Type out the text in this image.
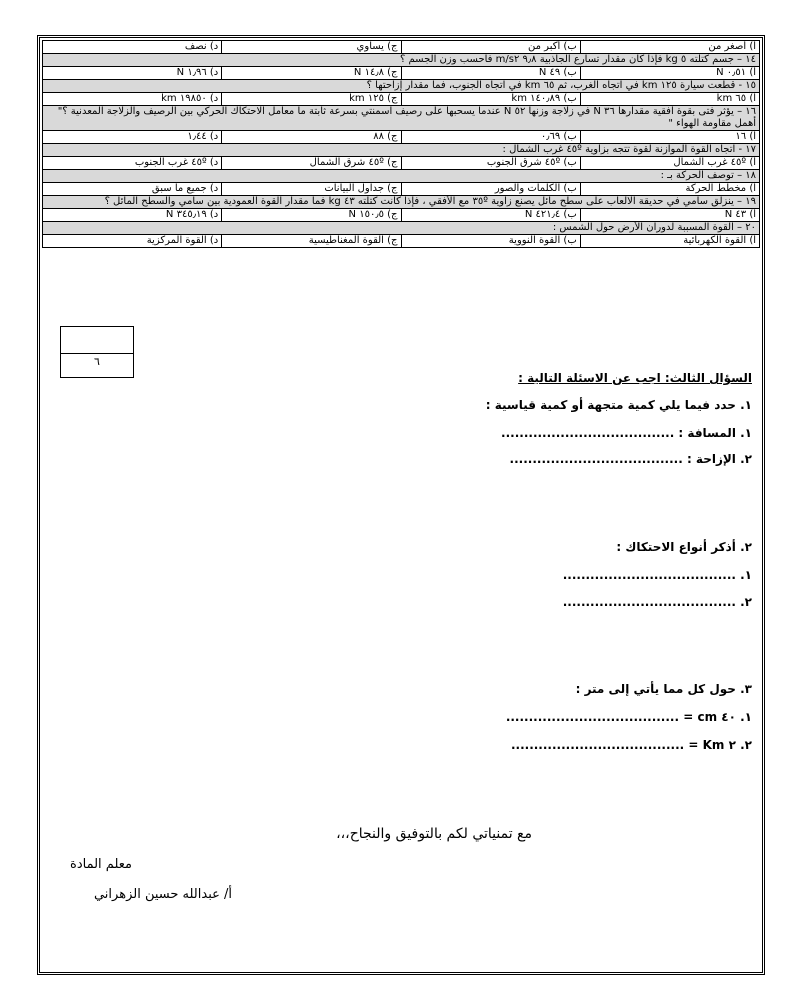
أ) أصغر من	ب) أكبر من	ج) يساوي	د) نصف
١٤ – جسم كتلته ٥ kg فإذا كان مقدار تسارع الجاذبية ٩٫٨ m/s٢ فاحسب وزن الجسم ؟			
أ) ٠٫٥١ N	ب) ٤٩ N	ج) ١٤٫٨ N	د) ١٫٩٦ N
١٥ - قطعت سيارة ١٢٥ km في اتجاه الغرب، ثم ٦٥ km في اتجاه الجنوب، فما مقدار إزاحتها ؟			
أ) ٦٥ km	ب) ١٤٠٫٨٩ km	ج) ١٢٥ km	د) ١٩٨٥٠ km
١٦ – يؤثر فتى بقوة افقية مقدارها ٣٦ N في زلاجة وزنها ٥٢ N عندما يسحبها على رصيف اسمنتي بسرعة ثابتة ما معامل الاحتكاك الحركي بين الرصيف والزلاجة المعدنية ؟" أهمل مقاومة الهواء "			
أ) ١٦	ب) ٠٫٦٩	ج) ٨٨	د) ١٫٤٤
١٧ - اتجاه القوة الموازنة لقوة تتجه بزاوية ٤٥º غرب الشمال :			
أ) ٤٥º غرب الشمال	ب) ٤٥º شرق الجنوب	ج) ٤٥º شرق الشمال	د) ٤٥º غرب الجنوب
١٨ – توصف الحركة بـ :			
أ) مخطط الحركة	ب) الكلمات والصور	ج) جداول البيانات	د) جميع ما سبق
١٩ – ينزلق سامي في حديقة الالعاب على سطح مائل يصنع زاوية ٣٥º مع الأفقي ، فإذا كانت كتلته ٤٣ kg فما مقدار القوة العمودية بين سامي والسطح المائل ؟			
أ) ٤٣ N	ب) ٤٢١٫٤ N	ج) ١٥٠٫٥ N	د) ٣٤٥٫١٩ N
٢٠ – القوة المسببة لدوران الأرض حول الشمس :			
أ) القوة الكهربائية	ب) القوة النووية	ج) القوة المغناطيسية	د) القوة المركزية
٦
السؤال الثالث: اجب عن الاسئلة التالية :
١. حدد فيما يلي كمية متجهة أو كمية قياسية :
١. المسافة : ......................................
٢. الإزاحة : ......................................
٢. أذكر أنواع الاحتكاك :
١. ......................................
٢. ......................................
٣. حول كل مما يأتي إلى متر :
١. ٤٠ cm = ......................................
٢. ٢ Km = ......................................
مع تمنياتي لكم بالتوفيق والنجاح،،،
معلم المادة
أ/ عبدالله حسين الزهراني
